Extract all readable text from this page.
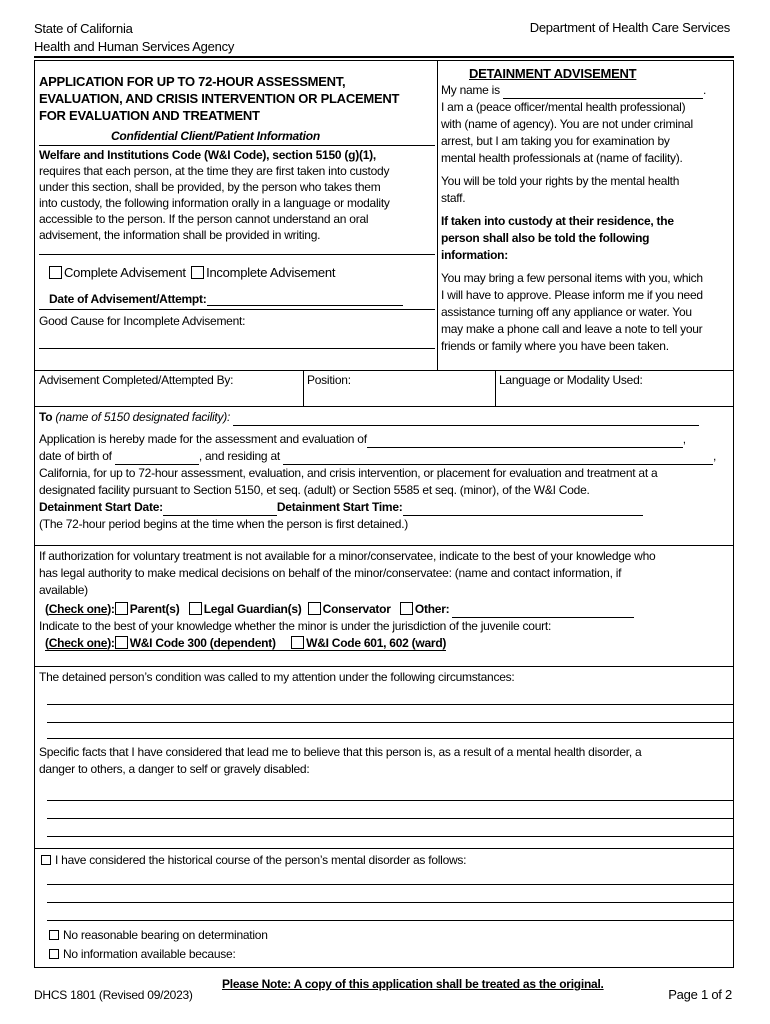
State of California
Health and Human Services Agency
Department of Health Care Services
APPLICATION FOR UP TO 72-HOUR ASSESSMENT,
EVALUATION, AND CRISIS INTERVENTION OR PLACEMENT
FOR EVALUATION AND TREATMENT
Confidential Client/Patient Information
Welfare and Institutions Code (W&I Code), section 5150 (g)(1),
requires that each person, at the time they are first taken into custody
under this section, shall be provided, by the person who takes them
into custody, the following information orally in a language or modality
accessible to the person. If the person cannot understand an oral
advisement, the information shall be provided in writing.
Complete Advisement Incomplete Advisement
Date of Advisement/Attempt:
Good Cause for Incomplete Advisement:
DETAINMENT ADVISEMENT
My name is	.
I am a (peace officer/mental health professional)
with (name of agency). You are not under criminal
arrest, but I am taking you for examination by
mental health professionals at (name of facility).
You will be told your rights by the mental health
staff.
If taken into custody at their residence, the
person shall also be told the following
information:
You may bring a few personal items with you, which
I will have to approve. Please inform me if you need
assistance turning off any appliance or water. You
may make a phone call and leave a note to tell your
friends or family where you have been taken.
Advisement Completed/Attempted By:	Position:	Language or Modality Used:
To (name of 5150 designated facility):
Application is hereby made for the assessment and evaluation of	,
date of birth of	, and residing at	,
California, for up to 72-hour assessment, evaluation, and crisis intervention, or placement for evaluation and treatment at a
designated facility pursuant to Section 5150, et seq. (adult) or Section 5585 et seq. (minor), of the W&I Code.
Detainment Start Date:	Detainment Start Time:
(The 72-hour period begins at the time when the person is first detained.)
If authorization for voluntary treatment is not available for a minor/conservatee, indicate to the best of your knowledge who
has legal authority to make medical decisions on behalf of the minor/conservatee: (name and contact information, if
available)
(Check one): Parent(s) Legal Guardian(s) Conservator Other:
Indicate to the best of your knowledge whether the minor is under the jurisdiction of the juvenile court:
(Check one): W&I Code 300 (dependent)	W&I Code 601, 602 (ward)
The detained person’s condition was called to my attention under the following circumstances:
Specific facts that I have considered that lead me to believe that this person is, as a result of a mental health disorder, a
danger to others, a danger to self or gravely disabled:
I have considered the historical course of the person’s mental disorder as follows:
No reasonable bearing on determination
No information available because:
DHCS 1801 (Revised 09/2023)
Please Note: A copy of this application shall be treated as the original.
Page 1 of 2
